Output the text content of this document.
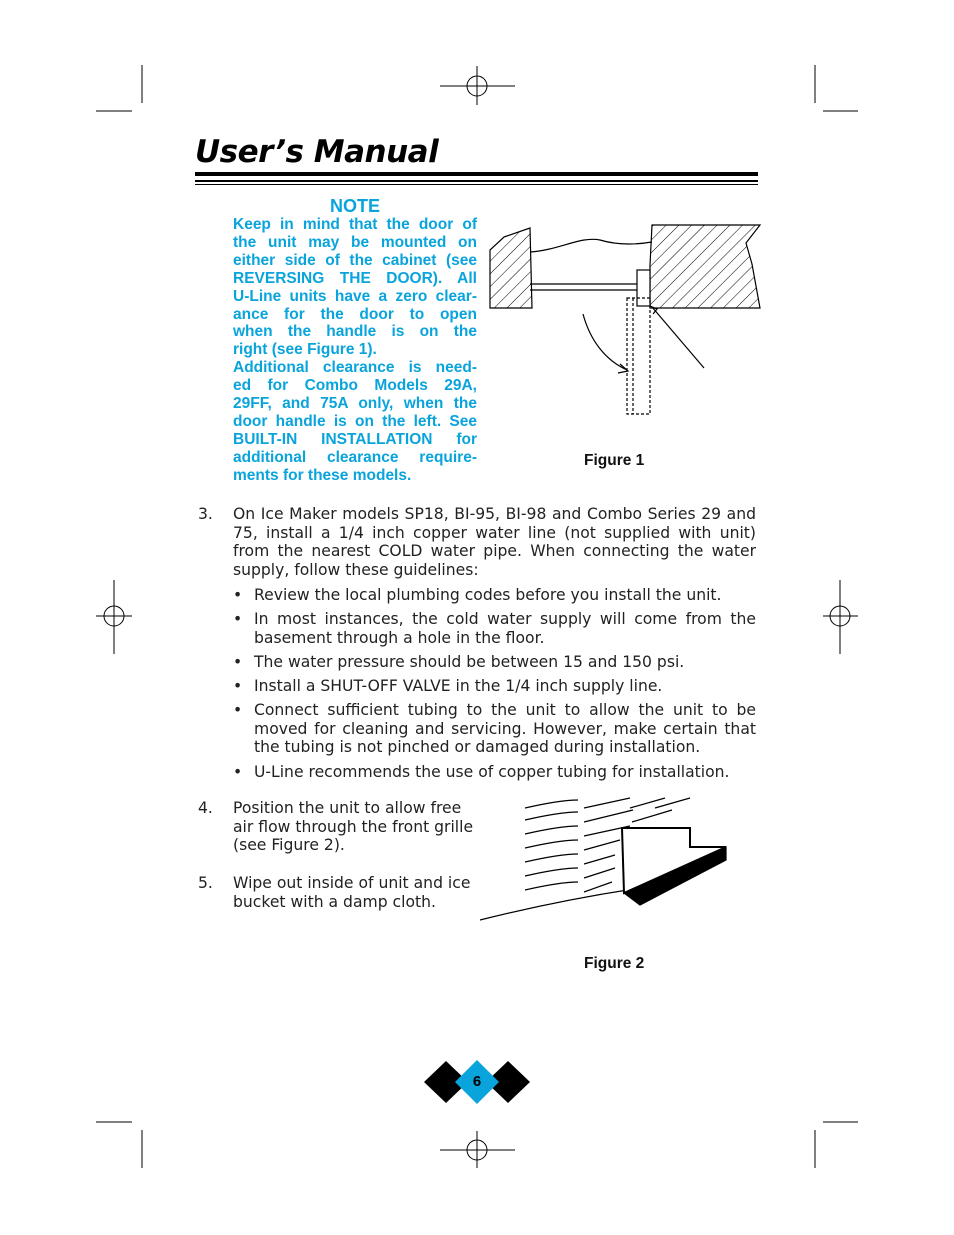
User’s Manual
NOTE
Keep in mind that the door of
the unit may be mounted on
either side of the cabinet (see
REVERSING THE DOOR). All
U-Line units have a zero clear-
ance for the door to open
when the handle is on the
right (see Figure 1).
Additional clearance is need-
ed for Combo Models 29A,
29FF, and 75A only, when the
door handle is on the left. See
BUILT-IN INSTALLATION for
additional clearance require-
ments for these models.
Figure 1
3.	On Ice Maker models SP18, BI-95, BI-98 and Combo Series 29 and 75, install a 1/4 inch copper water line (not supplied with unit) from the nearest COLD water pipe. When connecting the water supply, follow these guidelines:
• Review the local plumbing codes before you install the unit.
• In most instances, the cold water supply will come from the basement through a hole in the floor.
• The water pressure should be between 15 and 150 psi.
• Install a SHUT-OFF VALVE in the 1/4 inch supply line.
• Connect sufficient tubing to the unit to allow the unit to be moved for cleaning and servicing. However, make certain that the tubing is not pinched or damaged during installation.
• U-Line recommends the use of copper tubing for installation.
4.	Position the unit to allow free
air flow through the front grille
(see Figure 2).
5.	Wipe out inside of unit and ice
bucket with a damp cloth.
Figure 2
6
